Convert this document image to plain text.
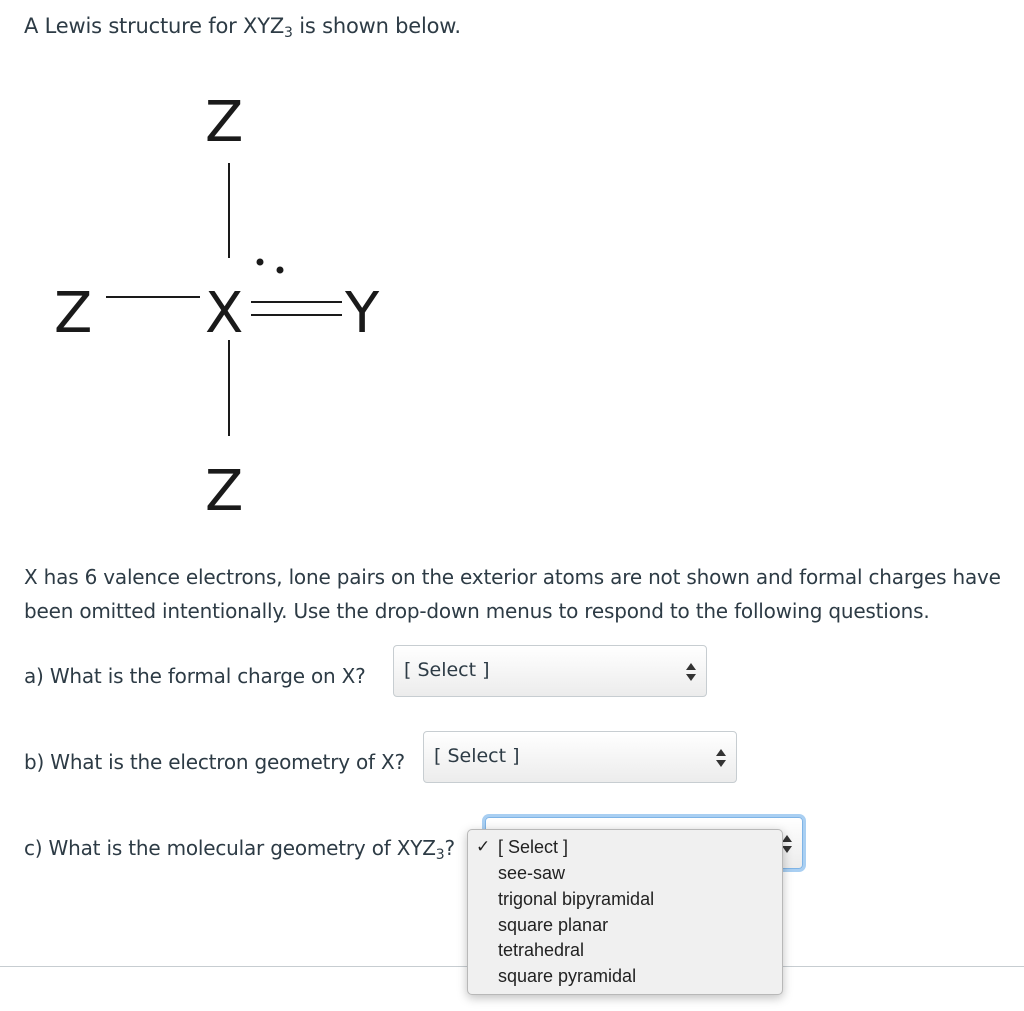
A Lewis structure for $XYZ_3$ is shown below.
Z
Z X Y
Z
X has 6 valence electrons, lone pairs on the exterior atoms are not shown and formal charges have
been omitted intentionally. Use the drop-down menus to respond to the following questions.
a) What is the formal charge on X? [ Select ]
b) What is the electron geometry of X? [ Select ]
c) What is the molecular geometry of $XYZ_3$? ✓ [ Select ]
see-saw
trigonal bipyramidal
square planar
tetrahedral
square pyramidal
